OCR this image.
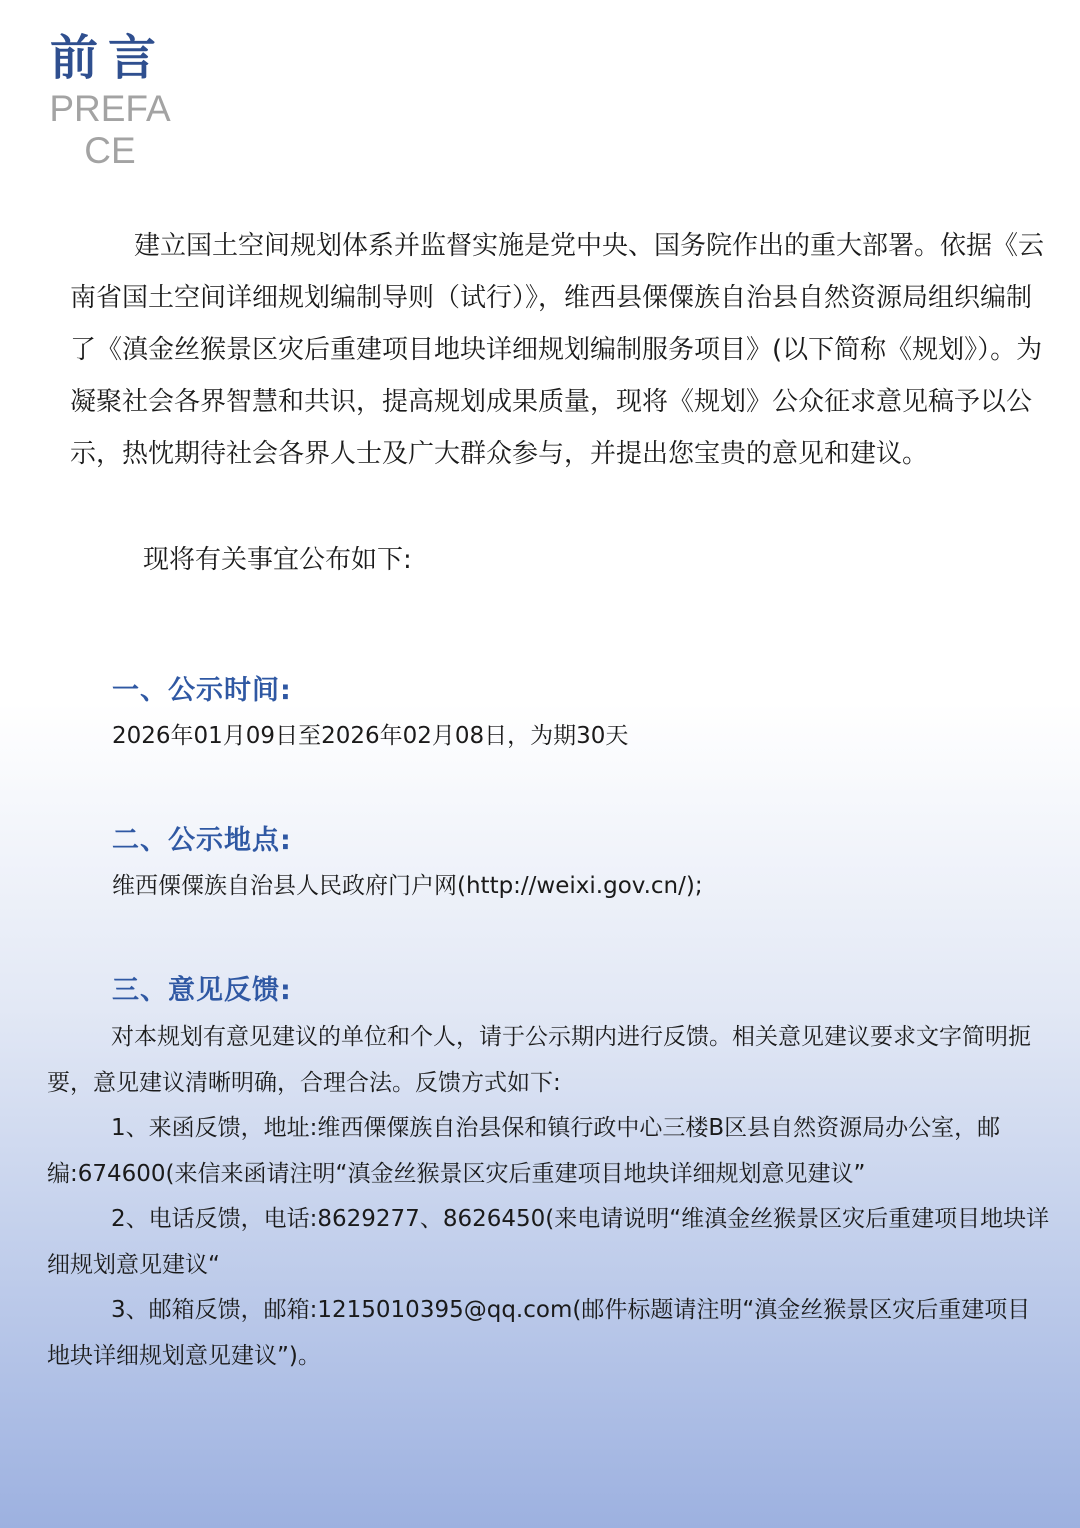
前言
PREFACE

建立国土空间规划体系并监督实施是党中央、国务院作出的重大部署。依据《云南省国土空间详细规划编制导则（试行）》，维西县傈僳族自治县自然资源局组织编制了《滇金丝猴景区灾后重建项目地块详细规划编制服务项目》(以下简称《规划》）。为凝聚社会各界智慧和共识，提高规划成果质量，现将《规划》公众征求意见稿予以公示，热忱期待社会各界人士及广大群众参与，并提出您宝贵的意见和建议。

现将有关事宜公布如下:
一、公示时间:
2026年01月09日至2026年02月08日，为期30天
二、公示地点:
维西傈僳族自治县人民政府门户网(http://weixi.gov.cn/);
三、意见反馈:

对本规划有意见建议的单位和个人，请于公示期内进行反馈。相关意见建议要求文字简明扼要，意见建议清晰明确，合理合法。反馈方式如下:

1、来函反馈，地址:维西傈僳族自治县保和镇行政中心三楼B区县自然资源局办公室，邮编:674600(来信来函请注明“滇金丝猴景区灾后重建项目地块详细规划意见建议”

2、电话反馈，电话:8629277、8626450(来电请说明“维滇金丝猴景区灾后重建项目地块详细规划意见建议“

3、邮箱反馈，邮箱:1215010395@qq.com(邮件标题请注明“滇金丝猴景区灾后重建项目地块详细规划意见建议”)。
